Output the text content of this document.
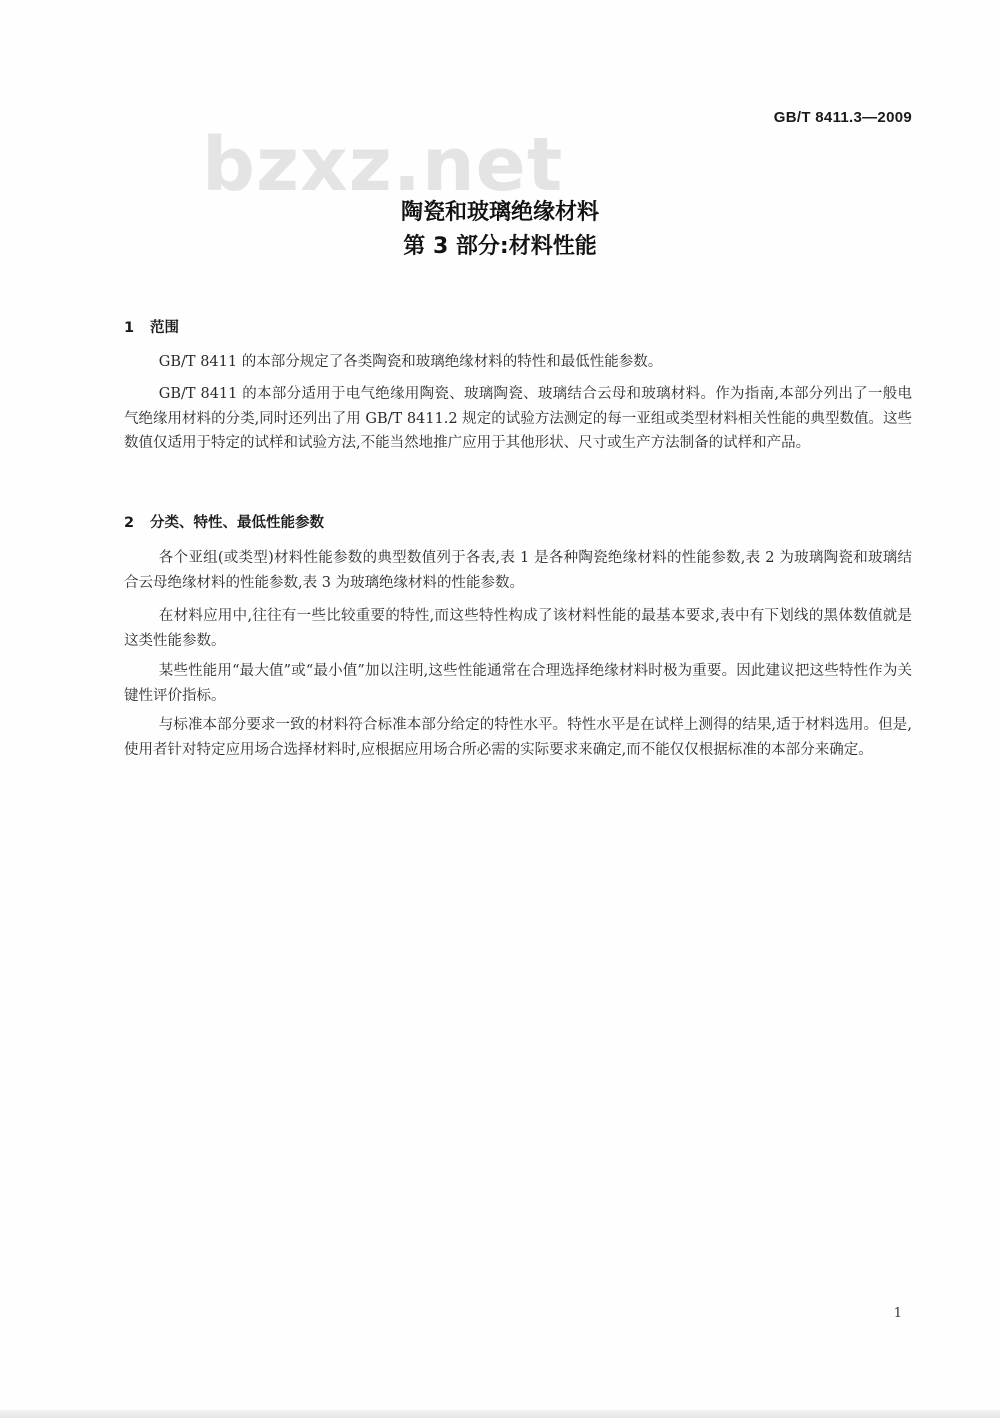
bzxz.net
GB/T 8411.3—2009
陶瓷和玻璃绝缘材料
第 3 部分:材料性能
1 范围

GB/T 8411 的本部分规定了各类陶瓷和玻璃绝缘材料的特性和最低性能参数。

GB/T 8411 的本部分适用于电气绝缘用陶瓷、玻璃陶瓷、玻璃结合云母和玻璃材料。作为指南,本部分列出了一般电气绝缘用材料的分类,同时还列出了用 GB/T 8411.2 规定的试验方法测定的每一亚组或类型材料相关性能的典型数值。这些数值仅适用于特定的试样和试验方法,不能当然地推广应用于其他形状、尺寸或生产方法制备的试样和产品。

2 分类、特性、最低性能参数

各个亚组(或类型)材料性能参数的典型数值列于各表,表 1 是各种陶瓷绝缘材料的性能参数,表 2 为玻璃陶瓷和玻璃结合云母绝缘材料的性能参数,表 3 为玻璃绝缘材料的性能参数。

在材料应用中,往往有一些比较重要的特性,而这些特性构成了该材料性能的最基本要求,表中有下划线的黑体数值就是这类性能参数。

某些性能用“最大值”或“最小值”加以注明,这些性能通常在合理选择绝缘材料时极为重要。因此建议把这些特性作为关键性评价指标。

与标准本部分要求一致的材料符合标准本部分给定的特性水平。特性水平是在试样上测得的结果,适于材料选用。但是,使用者针对特定应用场合选择材料时,应根据应用场合所必需的实际要求来确定,而不能仅仅根据标准的本部分来确定。

1
